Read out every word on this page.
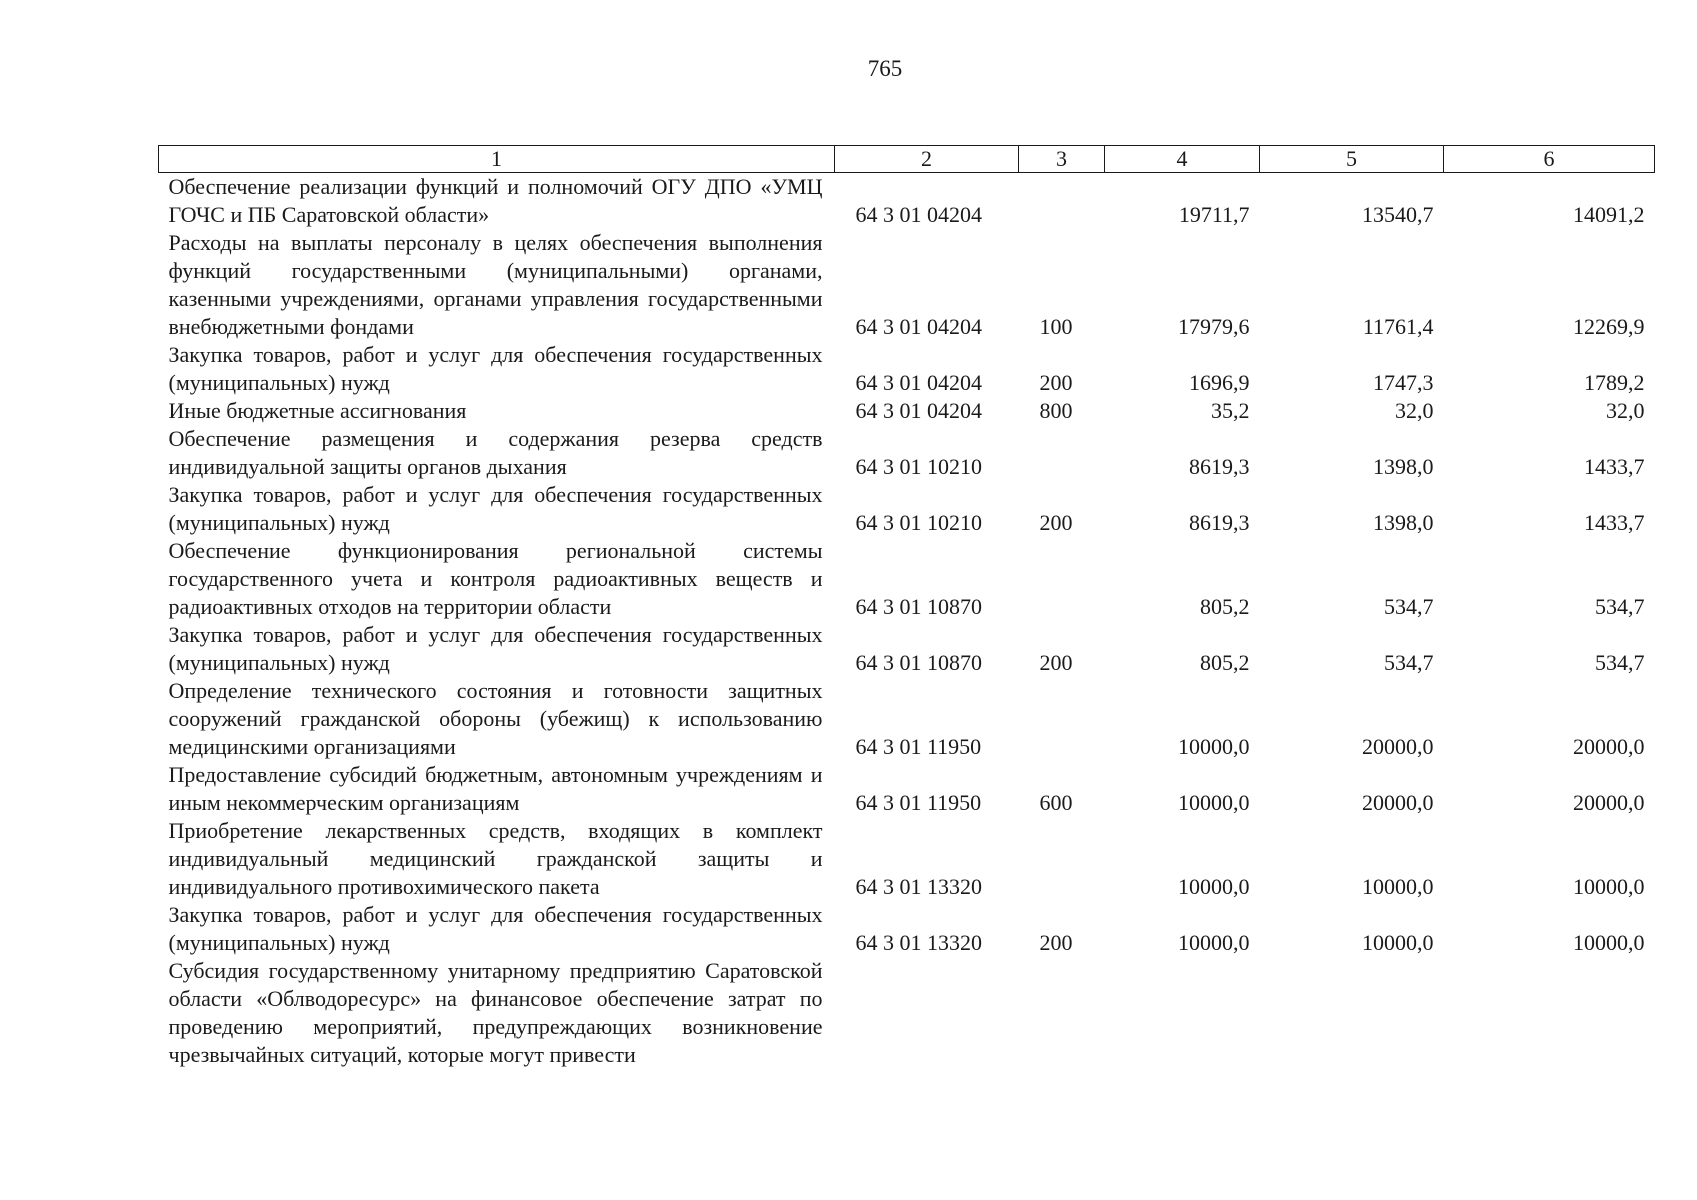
765
1	2	3	4	5	6
Обеспечение реализации функций и полномочий ОГУ ДПО «УМЦ ГОЧС и ПБ Саратовской области»	64 3 01 04204		19711,7	13540,7	14091,2
Расходы на выплаты персоналу в целях обеспечения выполнения функций государственными (муниципальными) органами, казенными учреждениями, органами управления государственными внебюджетными фондами	64 3 01 04204	100	17979,6	11761,4	12269,9
Закупка товаров, работ и услуг для обеспечения государственных (муниципальных) нужд	64 3 01 04204	200	1696,9	1747,3	1789,2
Иные бюджетные ассигнования	64 3 01 04204	800	35,2	32,0	32,0
Обеспечение размещения и содержания резерва средств индивидуальной защиты органов дыхания	64 3 01 10210		8619,3	1398,0	1433,7
Закупка товаров, работ и услуг для обеспечения государственных (муниципальных) нужд	64 3 01 10210	200	8619,3	1398,0	1433,7
Обеспечение функционирования региональной системы государственного учета и контроля радиоактивных веществ и радиоактивных отходов на территории области	64 3 01 10870		805,2	534,7	534,7
Закупка товаров, работ и услуг для обеспечения государственных (муниципальных) нужд	64 3 01 10870	200	805,2	534,7	534,7
Определение технического состояния и готовности защитных сооружений гражданской обороны (убежищ) к использованию медицинскими организациями	64 3 01 11950		10000,0	20000,0	20000,0
Предоставление субсидий бюджетным, автономным учреждениям и иным некоммерческим организациям	64 3 01 11950	600	10000,0	20000,0	20000,0
Приобретение лекарственных средств, входящих в комплект индивидуальный медицинский гражданской защиты и индивидуального противохимического пакета	64 3 01 13320		10000,0	10000,0	10000,0
Закупка товаров, работ и услуг для обеспечения государственных (муниципальных) нужд	64 3 01 13320	200	10000,0	10000,0	10000,0
Субсидия государственному унитарному предприятию Саратовской области «Облводоресурс» на финансовое обеспечение затрат по проведению мероприятий, предупреждающих возникновение чрезвычайных ситуаций, которые могут привести					
